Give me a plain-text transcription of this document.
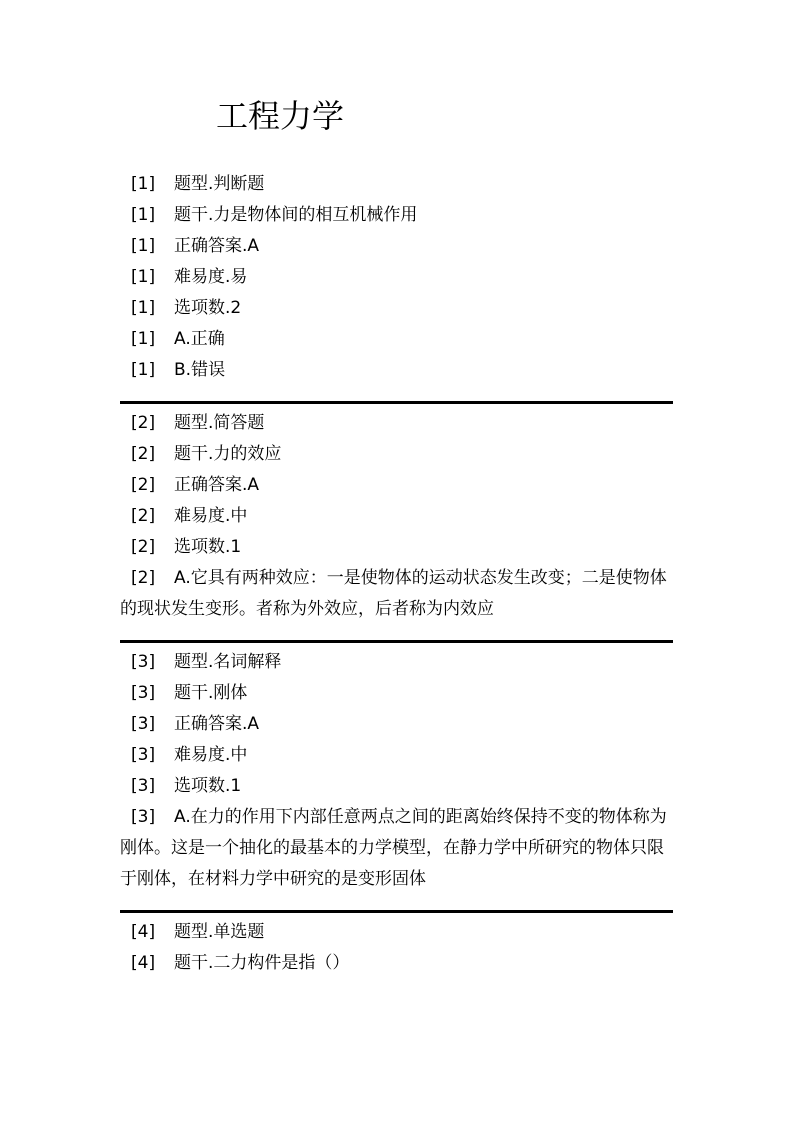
工程力学
[1] 题型.判断题
[1] 题干.力是物体间的相互机械作用
[1] 正确答案.A
[1] 难易度.易
[1] 选项数.2
[1] A.正确
[1] B.错误
[2] 题型.简答题
[2] 题干.力的效应
[2] 正确答案.A
[2] 难易度.中
[2] 选项数.1

[2] A.它具有两种效应：一是使物体的运动状态发生改变；二是使物体的现状发生变形。者称为外效应，后者称为内效应

[3] 题型.名词解释
[3] 题干.刚体
[3] 正确答案.A
[3] 难易度.中
[3] 选项数.1

[3] A.在力的作用下内部任意两点之间的距离始终保持不变的物体称为刚体。这是一个抽化的最基本的力学模型，在静力学中所研究的物体只限于刚体，在材料力学中研究的是变形固体

[4] 题型.单选题
[4] 题干.二力构件是指（）
